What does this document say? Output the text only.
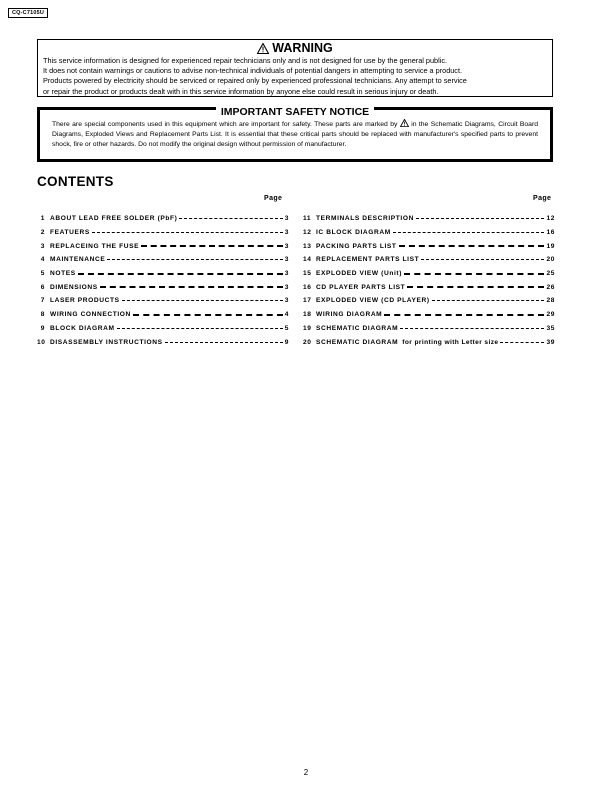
CQ-C7105U
WARNING
This service information is designed for experienced repair technicians only and is not designed for use by the general public.
It does not contain warnings or cautions to advise non-technical individuals of potential dangers in attempting to service a product.
Products powered by electricity should be serviced or repaired only by experienced professional technicians. Any attempt to service
or repair the product or products dealt with in this service information by anyone else could result in serious injury or death.
IMPORTANT SAFETY NOTICE
There are special components used in this equipment which are important for safety. These parts are marked by in the Schematic Diagrams, Circuit Board Diagrams, Exploded Views and Replacement Parts List. It is essential that these critical parts should be replaced with manufacturer's specified parts to prevent shock, fire or other hazards. Do not modify the original design without permission of manufacturer.
CONTENTS
Page	Page
1 ABOUT LEAD FREE SOLDER (PbF)	3
2 FEATUERS	3
3 REPLACEING THE FUSE	3
4 MAINTENANCE	3
5 NOTES	3
6 DIMENSIONS	3
7 LASER PRODUCTS	3
8 WIRING CONNECTION	4
9 BLOCK DIAGRAM	5
10 DISASSEMBLY INSTRUCTIONS	9
11 TERMINALS DESCRIPTION	12
12 IC BLOCK DIAGRAM	16
13 PACKING PARTS LIST	19
14 REPLACEMENT PARTS LIST	20
15 EXPLODED VIEW (Unit)	25
16 CD PLAYER PARTS LIST	26
17 EXPLODED VIEW (CD PLAYER)	28
18 WIRING DIAGRAM	29
19 SCHEMATIC DIAGRAM	35
20 SCHEMATIC DIAGRAM for printing with Letter size	39
2
